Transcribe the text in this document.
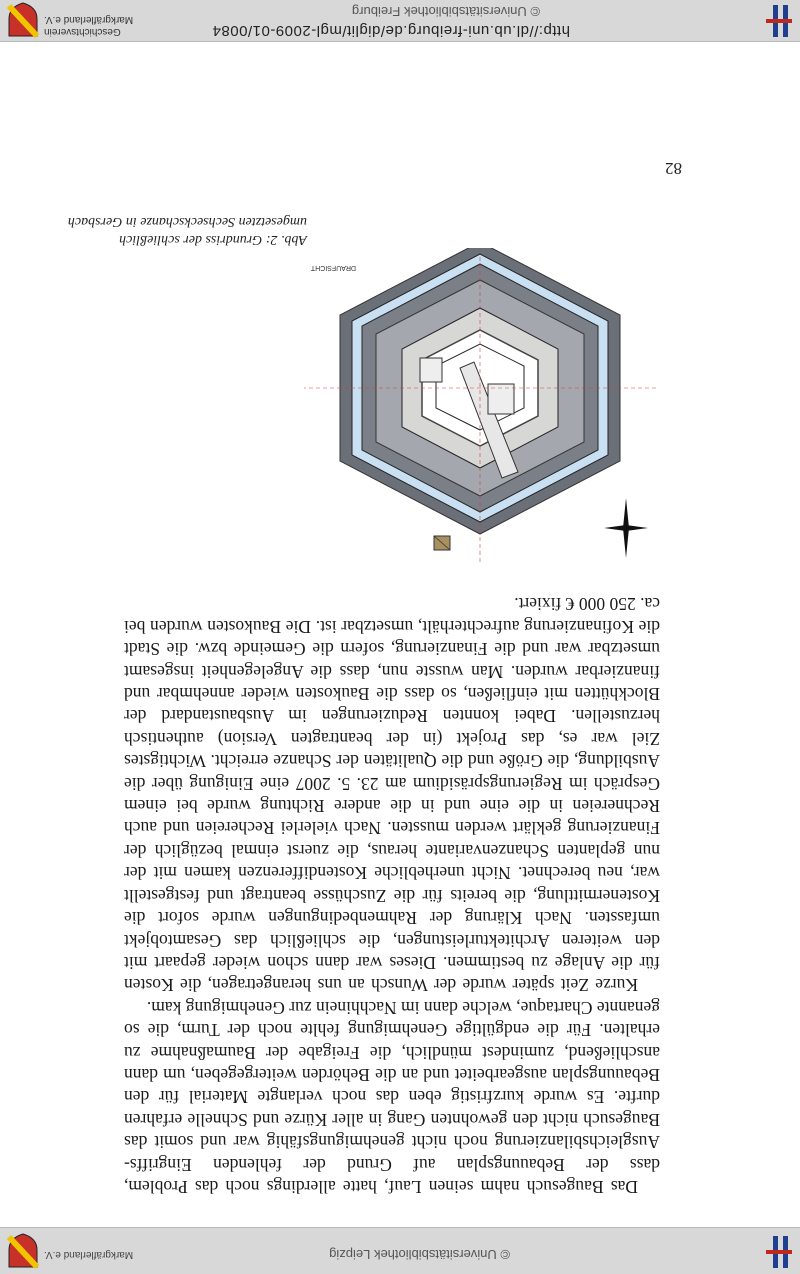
© Universitätsbibliothek Leipzig
Markgräflerland e.V.

Das Baugesuch nahm seinen Lauf, hatte allerdings noch das Problem, dass der Bebauungsplan auf Grund der fehlenden Eingriffs-Ausgleichsbilanzierung noch nicht genehmigungsfähig war und somit das Baugesuch nicht den gewohnten Gang in aller Kürze und Schnelle erfahren durfte. Es wurde kurzfristig eben das noch verlangte Material für den Bebauungsplan ausgearbeitet und an die Behörden weitergegeben, um dann anschließend, zumindest mündlich, die Freigabe der Baumaßnahme zu erhalten. Für die endgültige Genehmigung fehlte noch der Turm, die so genannte Chartaque, welche dann im Nachhinein zur Genehmigung kam.

Kurze Zeit später wurde der Wunsch an uns herangetragen, die Kosten für die Anlage zu bestimmen. Dieses war dann schon wieder gepaart mit den weiteren Architekturleistungen, die schließlich das Gesamtobjekt umfassten. Nach Klärung der Rahmenbedingungen wurde sofort die Kostenermittlung, die bereits für die Zuschüsse beantragt und festgestellt war, neu berechnet. Nicht unerhebliche Kostendifferenzen kamen mit der nun geplanten Schanzenvariante heraus, die zuerst einmal bezüglich der Finanzierung geklärt werden mussten. Nach vielerlei Rechereien und auch Rechnereien in die eine und in die andere Richtung wurde bei einem Gespräch im Regierungspräsidium am 23. 5. 2007 eine Einigung über die Ausbildung, die Größe und die Qualitäten der Schanze erreicht. Wichtigstes Ziel war es, das Projekt (in der beantragten Version) authentisch herzustellen. Dabei konnten Reduzierungen im Ausbaustandard der Blockhütten mit einfließen, so dass die Baukosten wieder annehmbar und finanzierbar wurden. Man wusste nun, dass die Angelegenheit insgesamt umsetzbar war und die Finanzierung, sofern die Gemeinde bzw. die Stadt die Kofinanzierung aufrechterhält, umsetzbar ist. Die Baukosten wurden bei ca. 250 000 € fixiert.

DRAUFSICHT
Abb. 2: Grundriss der schließlich umgesetzten Sechseckschanze in Gersbach
82
http://dl.ub.uni-freiburg.de/diglit/mgl-2009-01/0084
© Universitätsbibliothek Freiburg
Geschichtsverein
Markgräflerland e.V.
